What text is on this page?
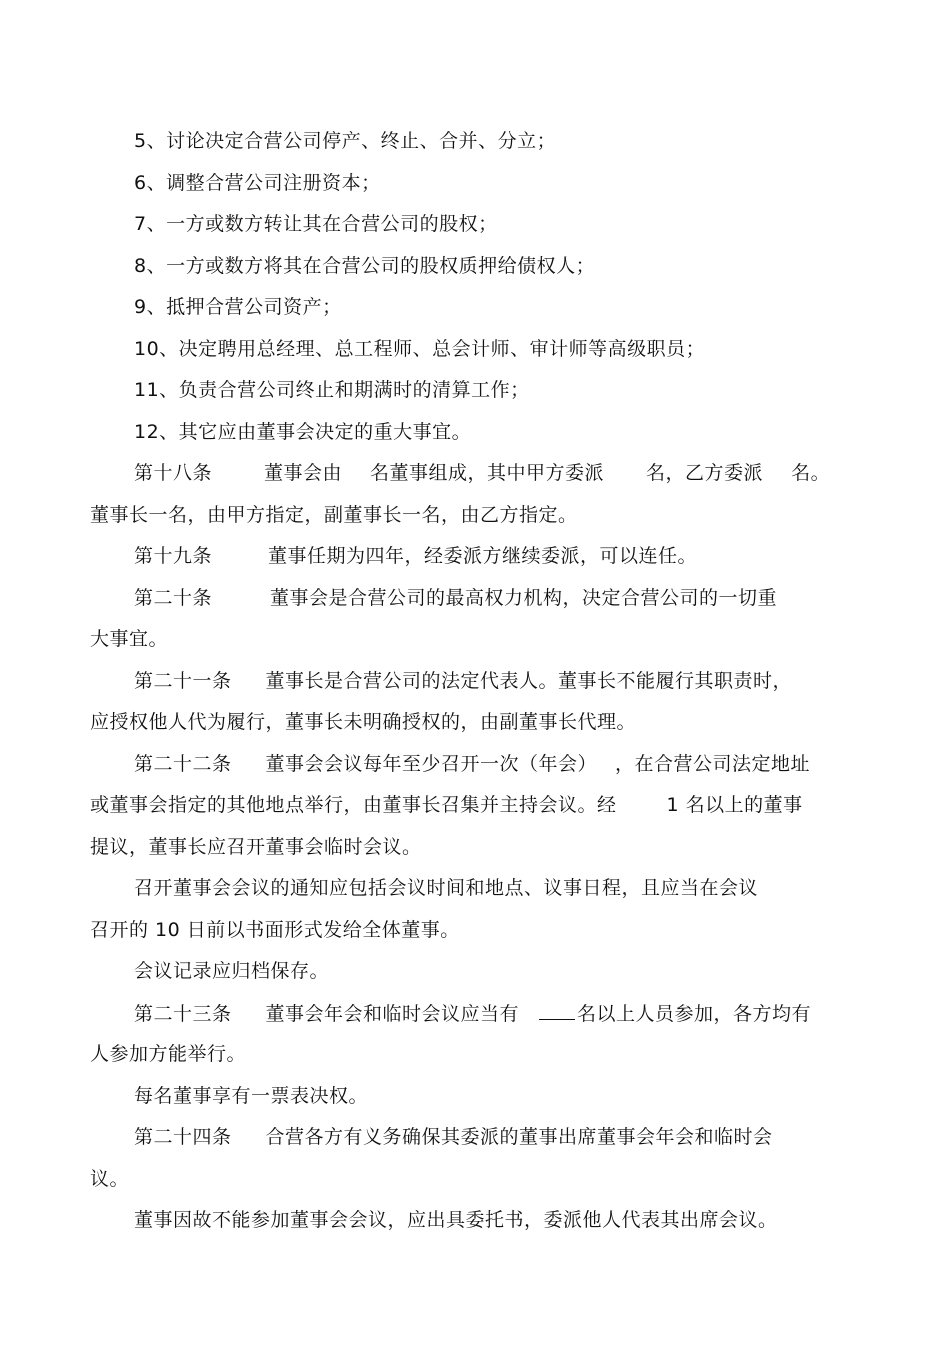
5、讨论决定合营公司停产、终止、合并、分立；
6、调整合营公司注册资本；
7、一方或数方转让其在合营公司的股权；
8、一方或数方将其在合营公司的股权质押给债权人；
9、抵押合营公司资产；
10、决定聘用总经理、总工程师、总会计师、审计师等高级职员；
11、负责合营公司终止和期满时的清算工作；
12、其它应由董事会决定的重大事宜。
第十八条	董事会由 名董事组成，其中甲方委派 名，乙方委派 名。
董事长一名，由甲方指定，副董事长一名，由乙方指定。
第十九条	董事任期为四年，经委派方继续委派，可以连任。
第二十条	董事会是合营公司的最高权力机构，决定合营公司的一切重
大事宜。
第二十一条 董事长是合营公司的法定代表人。董事长不能履行其职责时，
应授权他人代为履行，董事长未明确授权的，由副董事长代理。
第二十二条 董事会会议每年至少召开一次（年会） ，在合营公司法定地址
或董事会指定的其他地点举行，由董事长召集并主持会议。经	1 名以上的董事
提议，董事长应召开董事会临时会议。
召开董事会会议的通知应包括会议时间和地点、议事日程，且应当在会议
召开的 10 日前以书面形式发给全体董事。
会议记录应归档保存。
第二十三条 董事会年会和临时会议应当有	名以上人员参加，各方均有
人参加方能举行。
每名董事享有一票表决权。
第二十四条 合营各方有义务确保其委派的董事出席董事会年会和临时会
议。
董事因故不能参加董事会会议，应出具委托书，委派他人代表其出席会议。
